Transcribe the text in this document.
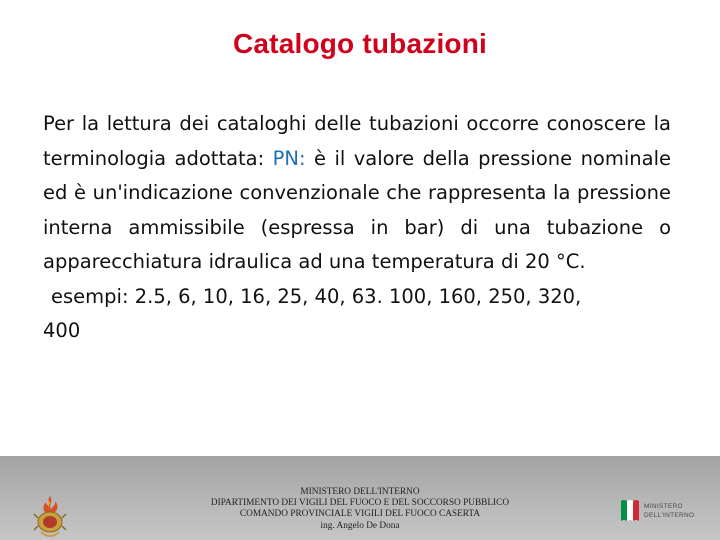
Catalogo tubazioni

Per la lettura dei cataloghi delle tubazioni occorre conoscere la terminologia adottata: PN: è il valore della pressione nominale ed è un'indicazione convenzionale che rappresenta la pressione interna ammissibile (espressa in bar) di una tubazione o apparecchiatura idraulica ad una temperatura di 20 °C.

esempi: 2.5, 6, 10, 16, 25, 40, 63. 100, 160, 250, 320,

400

MINISTERO DELL'INTERNO
DIPARTIMENTO DEI VIGILI DEL FUOCO E DEL SOCCORSO PUBBLICO
COMANDO PROVINCIALE VIGILI DEL FUOCO CASERTA
ing. Angelo De Dona
MINISTERO
DELL'INTERNO
